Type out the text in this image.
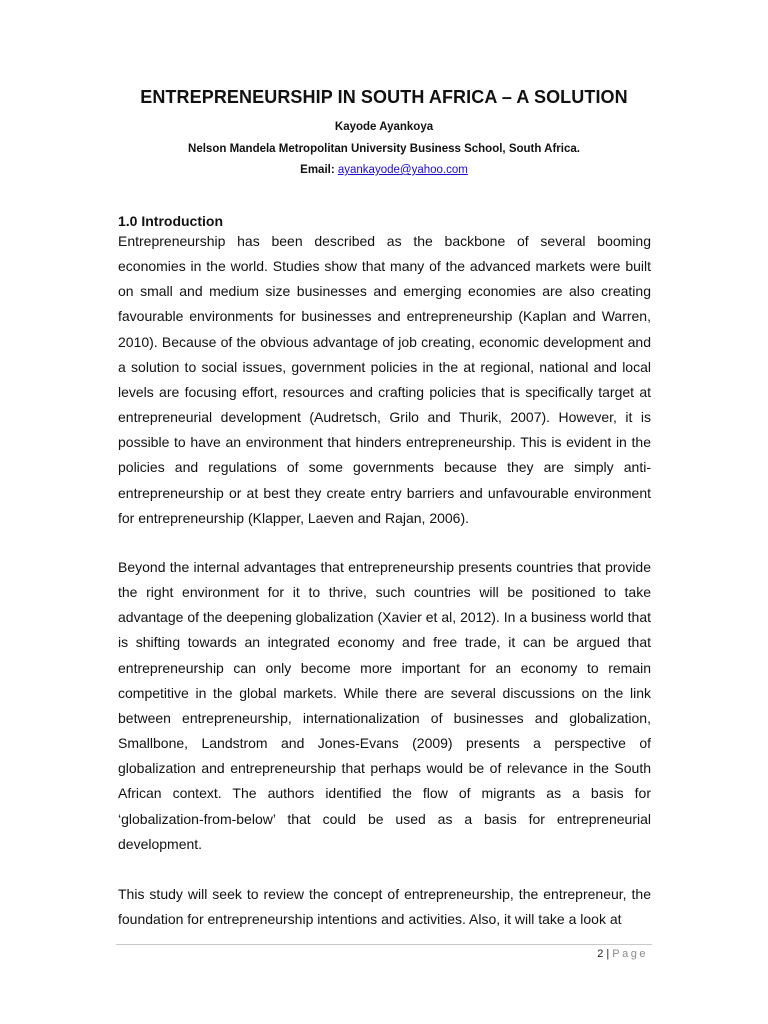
ENTREPRENEURSHIP IN SOUTH AFRICA – A SOLUTION
Kayode Ayankoya
Nelson Mandela Metropolitan University Business School, South Africa.
Email: ayankayode@yahoo.com
1.0 Introduction

Entrepreneurship has been described as the backbone of several booming economies in the world. Studies show that many of the advanced markets were built on small and medium size businesses and emerging economies are also creating favourable environments for businesses and entrepreneurship (Kaplan and Warren, 2010). Because of the obvious advantage of job creating, economic development and a solution to social issues, government policies in the at regional, national and local levels are focusing effort, resources and crafting policies that is specifically target at entrepreneurial development (Audretsch, Grilo and Thurik, 2007). However, it is possible to have an environment that hinders entrepreneurship. This is evident in the policies and regulations of some governments because they are simply anti-entrepreneurship or at best they create entry barriers and unfavourable environment for entrepreneurship (Klapper, Laeven and Rajan, 2006).

Beyond the internal advantages that entrepreneurship presents countries that provide the right environment for it to thrive, such countries will be positioned to take advantage of the deepening globalization (Xavier et al, 2012). In a business world that is shifting towards an integrated economy and free trade, it can be argued that entrepreneurship can only become more important for an economy to remain competitive in the global markets. While there are several discussions on the link between entrepreneurship, internationalization of businesses and globalization, Smallbone, Landstrom and Jones-Evans (2009) presents a perspective of globalization and entrepreneurship that perhaps would be of relevance in the South African context. The authors identified the flow of migrants as a basis for ‘globalization-from-below’ that could be used as a basis for entrepreneurial development.

This study will seek to review the concept of entrepreneurship, the entrepreneur, the foundation for entrepreneurship intentions and activities. Also, it will take a look at

2 | Page
